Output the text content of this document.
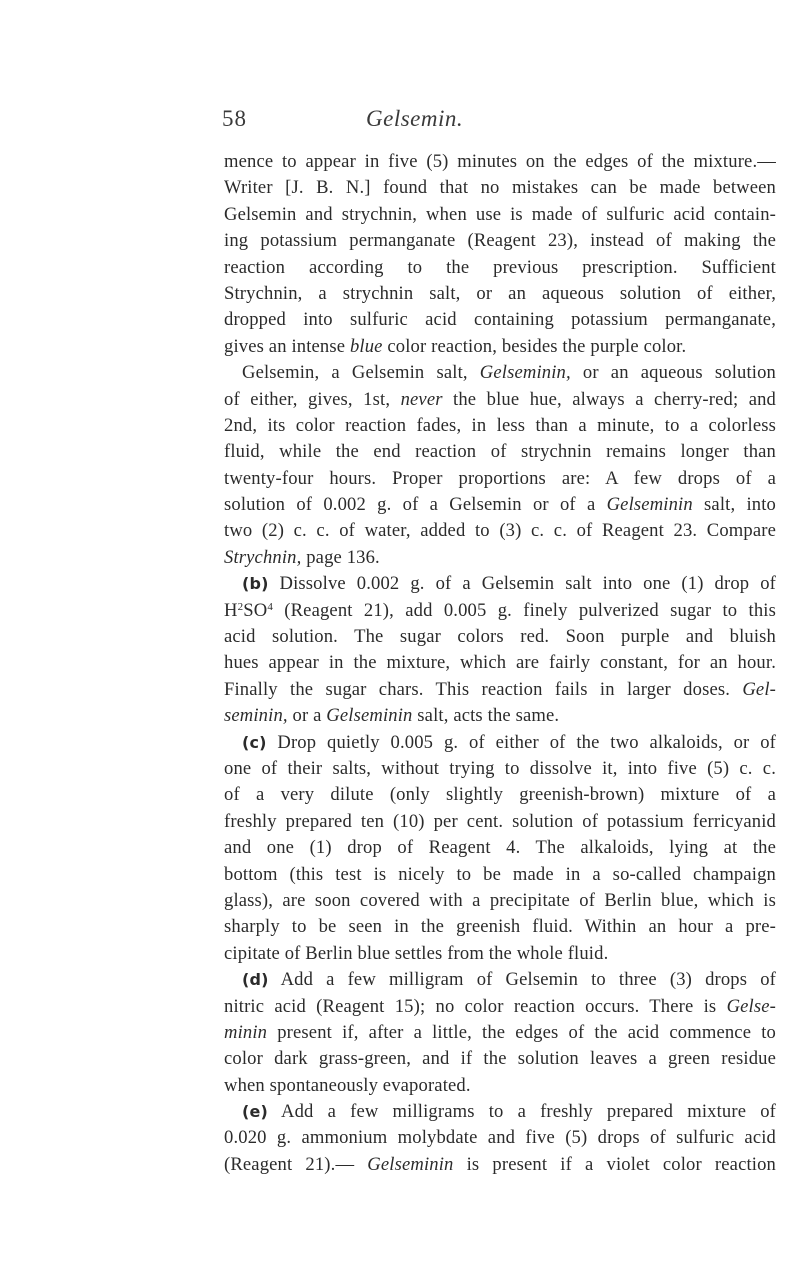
58	Gelsemin.
mence to appear in five (5) minutes on the edges of the mixture.—
Writer [J. B. N.] found that no mistakes can be made between
Gelsemin and strychnin, when use is made of sulfuric acid contain-
ing potassium permanganate (Reagent 23), instead of making the
reaction according to the previous prescription. Sufficient
Strychnin, a strychnin salt, or an aqueous solution of either,
dropped into sulfuric acid containing potassium permanganate,
gives an intense blue color reaction, besides the purple color.
Gelsemin, a Gelsemin salt, Gelseminin, or an aqueous solution
of either, gives, 1st, never the blue hue, always a cherry-red; and
2nd, its color reaction fades, in less than a minute, to a colorless
fluid, while the end reaction of strychnin remains longer than
twenty-four hours. Proper proportions are: A few drops of a
solution of 0.002 g. of a Gelsemin or of a Gelseminin salt, into
two (2) c. c. of water, added to (3) c. c. of Reagent 23. Compare
Strychnin, page 136.
(b) Dissolve 0.002 g. of a Gelsemin salt into one (1) drop of
$H^2SO^4$ (Reagent 21), add 0.005 g. finely pulverized sugar to this
acid solution. The sugar colors red. Soon purple and bluish
hues appear in the mixture, which are fairly constant, for an hour.
Finally the sugar chars. This reaction fails in larger doses. Gel-
seminin, or a Gelseminin salt, acts the same.
(c) Drop quietly 0.005 g. of either of the two alkaloids, or of
one of their salts, without trying to dissolve it, into five (5) c. c.
of a very dilute (only slightly greenish-brown) mixture of a
freshly prepared ten (10) per cent. solution of potassium ferricyanid
and one (1) drop of Reagent 4. The alkaloids, lying at the
bottom (this test is nicely to be made in a so-called champaign
glass), are soon covered with a precipitate of Berlin blue, which is
sharply to be seen in the greenish fluid. Within an hour a pre-
cipitate of Berlin blue settles from the whole fluid.
(d) Add a few milligram of Gelsemin to three (3) drops of
nitric acid (Reagent 15); no color reaction occurs. There is Gelse-
minin present if, after a little, the edges of the acid commence to
color dark grass-green, and if the solution leaves a green residue
when spontaneously evaporated.
(e) Add a few milligrams to a freshly prepared mixture of
0.020 g. ammonium molybdate and five (5) drops of sulfuric acid
(Reagent 21).— Gelseminin is present if a violet color reaction
